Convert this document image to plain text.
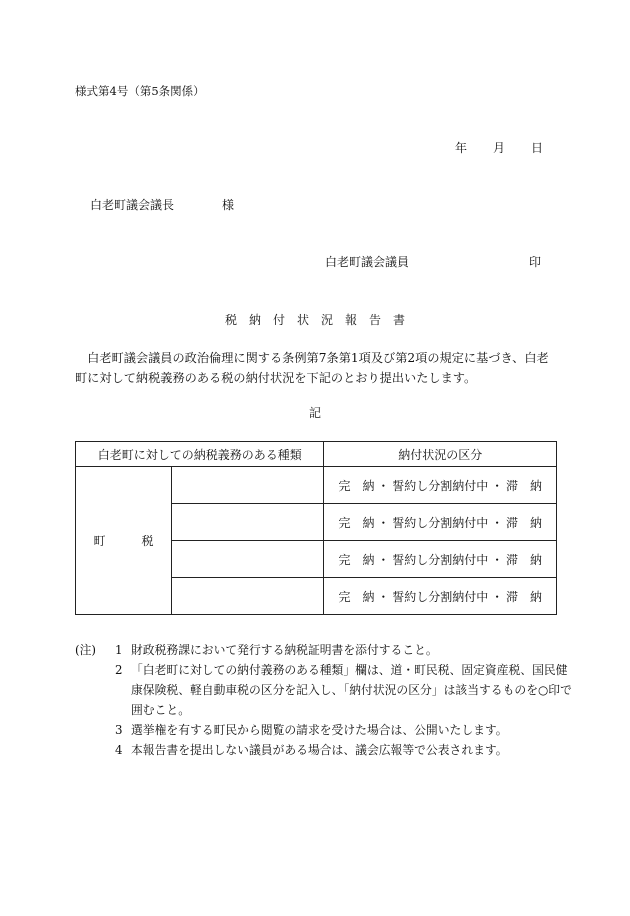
様式第4号（第5条関係）
年 月 日
白老町議会議長	様
白老町議会議員	印
税　納　付　状　況　報　告　書
　白老町議会議員の政治倫理に関する条例第7条第1項及び第2項の規定に基づき、白老町に対して納税義務のある税の納付状況を下記のとおり提出いたします。
記
白老町に対しての納税義務のある種類		納付状況の区分
町　　　税		完　納 ・ 誓約し分割納付中 ・ 滞　納

		完　納 ・ 誓約し分割納付中 ・ 滞　納

		完　納 ・ 誓約し分割納付中 ・ 滞　納

		完　納 ・ 誓約し分割納付中 ・ 滞　納
(注)	1 財政税務課において発行する納税証明書を添付すること。
2 「白老町に対しての納付義務のある種類」欄は、道・町民税、固定資産税、国民健康保険税、軽自動車税の区分を記入し、「納付状況の区分」は該当するものを○印で囲むこと。
3 選挙権を有する町民から閲覧の請求を受けた場合は、公開いたします。
4 本報告書を提出しない議員がある場合は、議会広報等で公表されます。
